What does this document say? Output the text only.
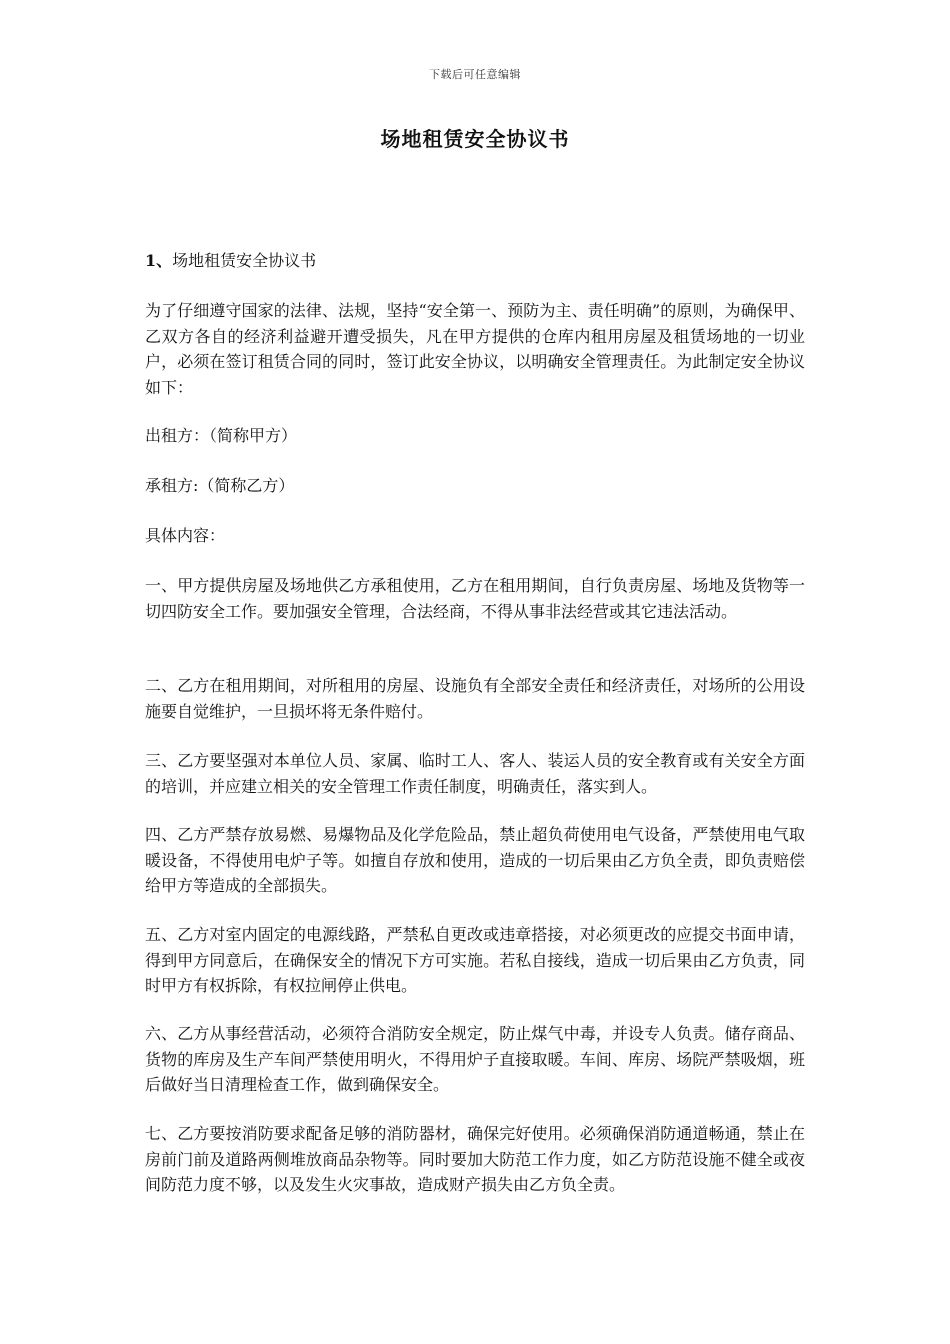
下载后可任意编辑
场地租赁安全协议书
1、场地租赁安全协议书

为了仔细遵守国家的法律、法规，坚持“安全第一、预防为主、责任明确”的原则，为确保甲、乙双方各自的经济利益避开遭受损失，凡在甲方提供的仓库内租用房屋及租赁场地的一切业户，必须在签订租赁合同的同时，签订此安全协议，以明确安全管理责任。为此制定安全协议如下：

出租方：（简称甲方）

承租方:（简称乙方）

具体内容：

一、甲方提供房屋及场地供乙方承租使用，乙方在租用期间，自行负责房屋、场地及货物等一切四防安全工作。要加强安全管理，合法经商，不得从事非法经营或其它违法活动。

二、乙方在租用期间，对所租用的房屋、设施负有全部安全责任和经济责任，对场所的公用设施要自觉维护，一旦损坏将无条件赔付。

三、乙方要坚强对本单位人员、家属、临时工人、客人、装运人员的安全教育或有关安全方面的培训，并应建立相关的安全管理工作责任制度，明确责任，落实到人。

四、乙方严禁存放易燃、易爆物品及化学危险品，禁止超负荷使用电气设备，严禁使用电气取暖设备，不得使用电炉子等。如擅自存放和使用，造成的一切后果由乙方负全责，即负责赔偿给甲方等造成的全部损失。

五、乙方对室内固定的电源线路，严禁私自更改或违章搭接，对必须更改的应提交书面申请，得到甲方同意后，在确保安全的情况下方可实施。若私自接线，造成一切后果由乙方负责，同时甲方有权拆除，有权拉闸停止供电。

六、乙方从事经营活动，必须符合消防安全规定，防止煤气中毒，并设专人负责。储存商品、货物的库房及生产车间严禁使用明火，不得用炉子直接取暖。车间、库房、场院严禁吸烟，班后做好当日清理检查工作，做到确保安全。

七、乙方要按消防要求配备足够的消防器材，确保完好使用。必须确保消防通道畅通，禁止在房前门前及道路两侧堆放商品杂物等。同时要加大防范工作力度，如乙方防范设施不健全或夜间防范力度不够，以及发生火灾事故，造成财产损失由乙方负全责。
